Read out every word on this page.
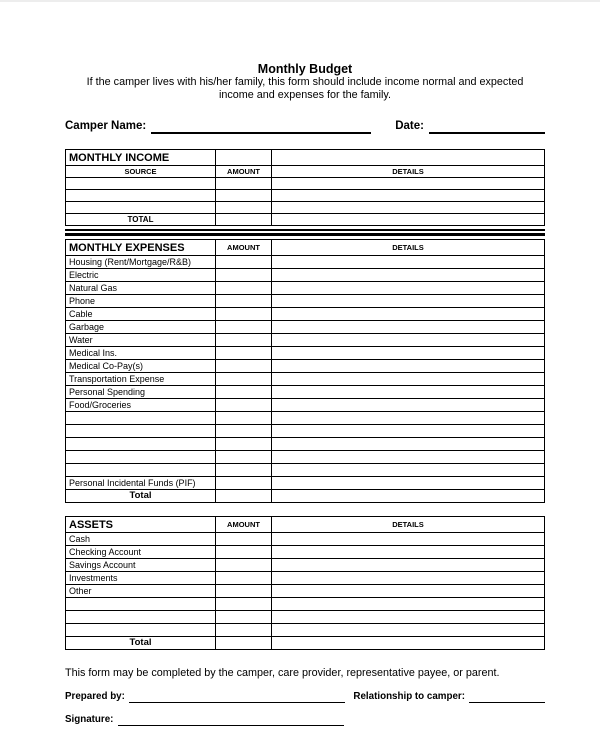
Monthly Budget
If the camper lives with his/her family, this form should include income normal and expected
income and expenses for the family.
Camper Name:	Date:
MONTHLY INCOME		
SOURCE	AMOUNT	DETAILS

TOTAL		
MONTHLY EXPENSES	AMOUNT	DETAILS
Housing (Rent/Mortgage/R&B)		
Electric		
Natural Gas		
Phone		
Cable		
Garbage		
Water		
Medical Ins.		
Medical Co-Pay(s)		
Transportation Expense		
Personal Spending		
Food/Groceries		

Personal Incidental Funds (PIF)		
Total		
ASSETS	AMOUNT	DETAILS
Cash		
Checking Account		
Savings Account		
Investments		
Other		

Total		
This form may be completed by the camper, care provider, representative payee, or parent.
Prepared by:	Relationship to camper:
Signature:
